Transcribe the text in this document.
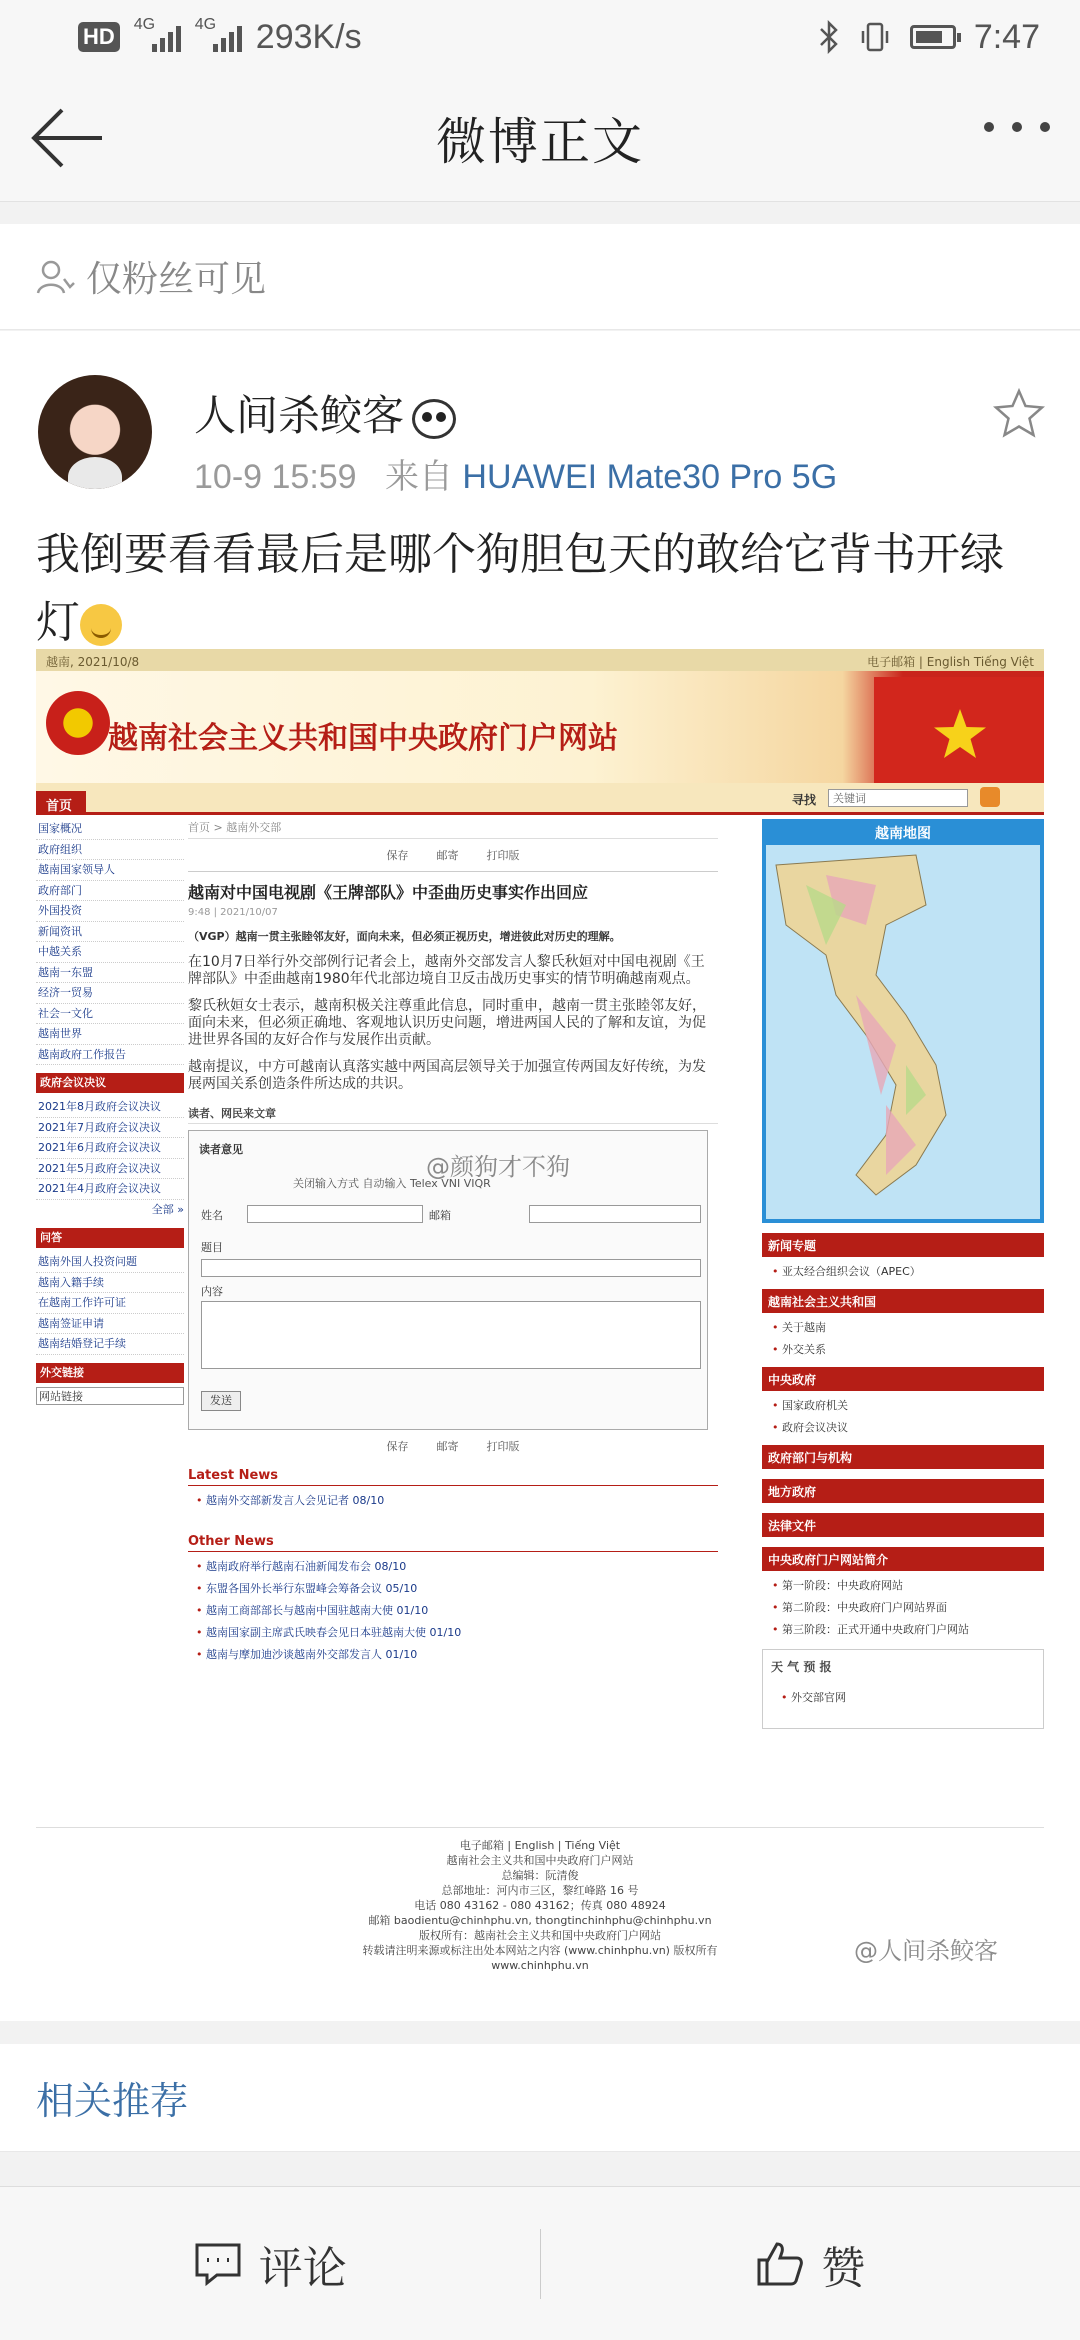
HD	4G 4G 293K/s	7:47
微博正文
仅粉丝可见
人间杀鲛客
10-9 15:59 来自 HUAWEI Mate30 Pro 5G
我倒要看看最后是哪个狗胆包天的敢给它背书开绿灯
越南, 2021/10/8	电子邮箱 | English Tiếng Việt
越南社会主义共和国中央政府门户网站
首页	寻找	关键词
国家概况
政府组织
越南国家领导人
政府部门
外国投资
新闻资讯
中越关系
越南一东盟
经济一贸易
社会一文化
越南世界
越南政府工作报告
政府会议决议
2021年8月政府会议决议
2021年7月政府会议决议
2021年6月政府会议决议
2021年5月政府会议决议
2021年4月政府会议决议
全部 »
问答
越南外国人投资问题
越南入籍手续
在越南工作许可证
越南签证申请
越南结婚登记手续
外交链接
网站链接
首页 > 越南外交部
保存	邮寄	打印版
越南对中国电视剧《王牌部队》中歪曲历史事实作出回应
9:48 | 2021/10/07
（VGP）越南一贯主张睦邻友好，面向未来，但必须正视历史，增进彼此对历史的理解。
在10月7日举行外交部例行记者会上，越南外交部发言人黎氏秋姮对中国电视剧《王牌部队》中歪曲越南1980年代北部边境自卫反击战历史事实的情节明确越南观点。
黎氏秋姮女士表示，越南积极关注尊重此信息，同时重申，越南一贯主张睦邻友好，面向未来，但必须正确地、客观地认识历史问题，增进两国人民的了解和友谊，为促进世界各国的友好合作与发展作出贡献。
越南提议，中方可越南认真落实越中两国高层领导关于加强宣传两国友好传统，为发展两国关系创造条件所达成的共识。
读者、网民来文章
读者意见
关闭输入方式 自动输入 Telex VNI VIQR
姓名	邮箱
题目
内容
发送
保存	邮寄	打印版
Latest News
• 越南外交部新发言人会见记者 08/10
Other News
• 越南政府举行越南石油新闻发布会 08/10
• 东盟各国外长举行东盟峰会筹备会议 05/10
• 越南工商部部长与越南中国驻越南大使 01/10
• 越南国家副主席武氏映春会见日本驻越南大使 01/10
• 越南与摩加迪沙谈越南外交部发言人 01/10
越南地图
新闻专题
• 亚太经合组织会议（APEC）
越南社会主义共和国
• 关于越南
• 外交关系
中央政府
• 国家政府机关
• 政府会议决议
政府部门与机构
地方政府
法律文件
中央政府门户网站简介
• 第一阶段：中央政府网站
• 第二阶段：中央政府门户网站界面
• 第三阶段：正式开通中央政府门户网站
天 气 预 报
• 外交部官网
电子邮箱 | English | Tiếng Việt
越南社会主义共和国中央政府门户网站
总编辑：阮清俊
总部地址：河内市三区，黎红峰路 16 号
电话 080 43162 - 080 43162；传真 080 48924
邮箱 baodientu@chinhphu.vn, thongtinchinhphu@chinhphu.vn
版权所有：越南社会主义共和国中央政府门户网站
转载请注明来源或标注出处本网站之内容 (www.chinhphu.vn) 版权所有
www.chinhphu.vn
@颜狗才不狗
@人间杀鲛客
相关推荐
评论	赞
